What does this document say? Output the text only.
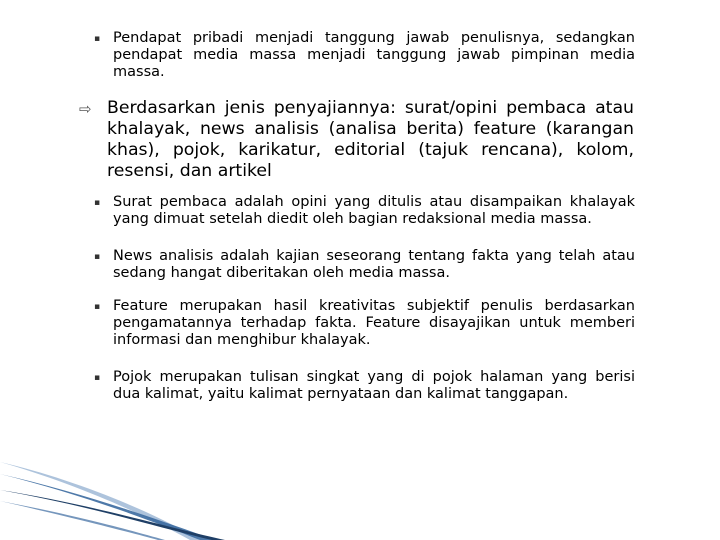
▪ Pendapat pribadi menjadi tanggung jawab penulisnya, sedangkan pendapat media massa menjadi tanggung jawab pimpinan media massa.
⇨ Berdasarkan jenis penyajiannya: surat/opini pembaca atau khalayak, news analisis (analisa berita) feature (karangan khas), pojok, karikatur, editorial (tajuk rencana), kolom, resensi, dan artikel
▪ Surat pembaca adalah opini yang ditulis atau disampaikan khalayak yang dimuat setelah diedit oleh bagian redaksional media massa.
▪ News analisis adalah kajian seseorang tentang fakta yang telah atau sedang hangat diberitakan oleh media massa.
▪ Feature merupakan hasil kreativitas subjektif penulis berdasarkan pengamatannya terhadap fakta. Feature disayajikan untuk memberi informasi dan menghibur khalayak.
▪ Pojok merupakan tulisan singkat yang di pojok halaman yang berisi dua kalimat, yaitu kalimat pernyataan dan kalimat tanggapan.
